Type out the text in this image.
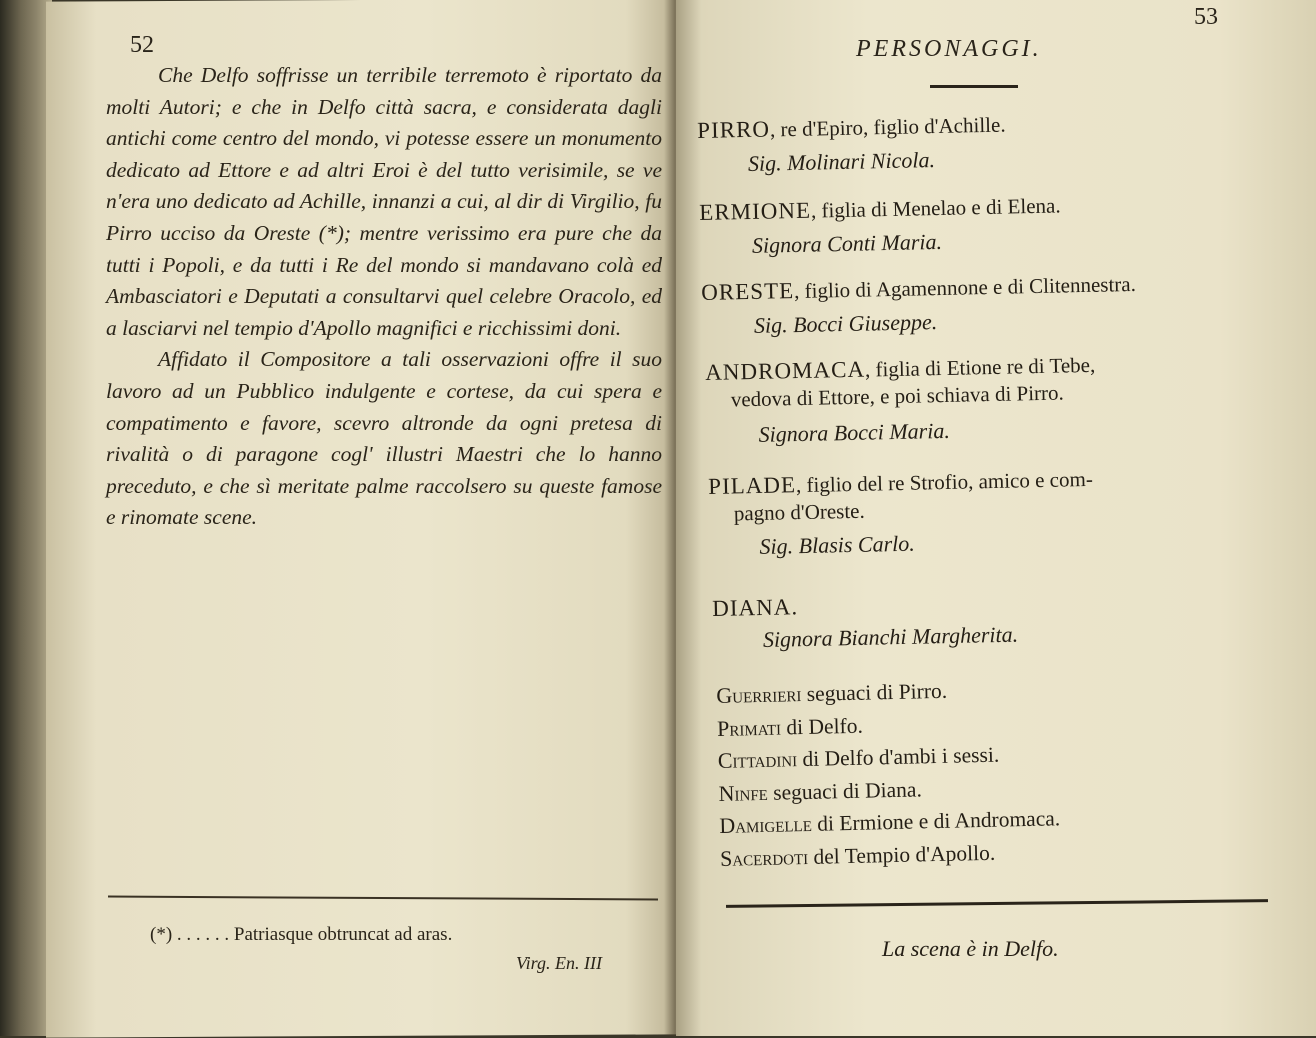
52

Che Delfo soffrisse un terribile terremoto è riportato da molti Autori; e che in Delfo città sacra, e considerata dagli antichi come centro del mondo, vi potesse essere un monumento dedicato ad Ettore e ad altri Eroi è del tutto verisimile, se ve n'era uno dedicato ad Achille, innanzi a cui, al dir di Virgilio, fu Pirro ucciso da Oreste (*); mentre verissimo era pure che da tutti i Popoli, e da tutti i Re del mondo si mandavano colà ed Ambasciatori e Deputati a consultarvi quel celebre Oracolo, ed a lasciarvi nel tempio d'Apollo magnifici e ricchissimi doni.

Affidato il Compositore a tali osservazioni offre il suo lavoro ad un Pubblico indulgente e cortese, da cui spera e compatimento e favore, scevro altronde da ogni pretesa di rivalità o di paragone cogl' illustri Maestri che lo hanno preceduto, e che sì meritate palme raccolsero su queste famose e rinomate scene.

(*) . . . . . . Patriasque obtruncat ad aras.
Virg. En. III
53
PERSONAGGI.
PIRRO, re d'Epiro, figlio d'Achille.
Sig. Molinari Nicola.
ERMIONE, figlia di Menelao e di Elena.
Signora Conti Maria.
ORESTE, figlio di Agamennone e di Clitennestra.
Sig. Bocci Giuseppe.
ANDROMACA, figlia di Etione re di Tebe,
vedova di Ettore, e poi schiava di Pirro.
Signora Bocci Maria.
PILADE, figlio del re Strofio, amico e com-
pagno d'Oreste.
Sig. Blasis Carlo.
DIANA.
Signora Bianchi Margherita.
Guerrieri seguaci di Pirro.
Primati di Delfo.
Cittadini di Delfo d'ambi i sessi.
Ninfe seguaci di Diana.
Damigelle di Ermione e di Andromaca.
Sacerdoti del Tempio d'Apollo.
La scena è in Delfo.
